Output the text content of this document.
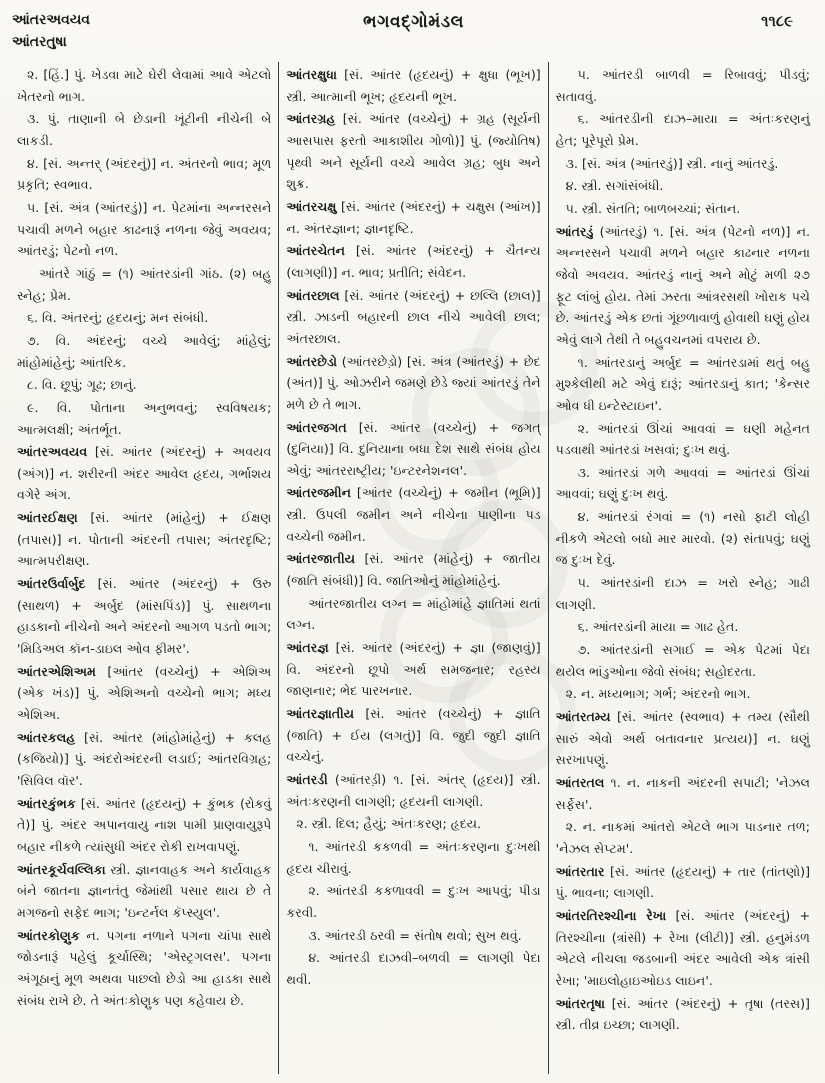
આંતરઅવયવ
આંતરતુષા
ભગવદ્ગોમંડલ	૧૧૮૯

૨. [હિં.] પું. ખેડવા માટે ઘેરી લેવામાં આવે એટલો ખેતરનો ભાગ.

૩. પું. તાણાની બે છેડાની ખૂંટીની નીચેની બે લાકડી.

૪. [સં. અન્તર્ (અંદરનું)] ન. અંતરનો ભાવ; મૂળ પ્રકૃતિ; સ્વભાવ.

૫. [સં. અંત્ર (આંતરડું)] ન. પેટમાંના અન્નરસને પચાવી મળને બહાર કાઢનારૂં નળના જેવું અવયવ; આંતરડું; પેટનો નળ.

આંતરે ગાંઠું = (૧) આંતરડાંની ગાંઠ. (૨) બહુ સ્નેહ; પ્રેમ.

૬. વિ. અંતરનું; હૃદયનું; મન સંબંધી.

૭. વિ. અંદરનું; વચ્ચે આવેલું; માંહેલું; માંહોમાંહેનું; આંતરિક.

૮. વિ. છૂપું; ગૂઢ; છાનું.

૯. વિ. પોતાના અનુભવનું; સ્વવિષયક; આત્મલક્ષી; અંતર્ભૂત.

આંતરઅવયવ [સં. આંતર (અંદરનું) + અવયવ (અંગ)] ન. શરીરની અંદર આવેલ હૃદય, ગર્ભાશય વગેરે અંગ.

આંતરઈક્ષણ [સં. આંતર (માંહેનું) + ઈક્ષણ (તપાસ)] ન. પોતાની અંદરની તપાસ; અંતરદૃષ્ટિ; આત્મપરીક્ષણ.

આંતરઉર્વાર્બુદ [સં. આંતર (અંદરનું) + ઉરુ (સાથળ) + અર્બુદ (માંસપિંડ)] પું. સાથળના હાડકાનો નીચેનો અને અંદરનો આગળ પડતો ભાગ; 'મિડિઅલ કૉન-ડાઇલ ઓવ ફીમર'.

આંતરએશિઅમ [આંતર (વચ્ચેનું) + એશિઅ (એક ખંડ)] પું. એશિઅનો વચ્ચેનો ભાગ; મધ્ય એશિઅ.

આંતરકલહ [સં. આંતર (માંહોમાંહેનું) + કલહ (કજિયો)] પું. અંદરોઅંદરની લડાઈ; આંતરવિગ્રહ; 'સિવિલ વૉર'.

આંતરકુંભક [સં. આંતર (હૃદયનું) + કુંભક (રોકવું તે)] પું. અંદર અપાનવાયુ નાશ પામી પ્રાણવાયુરૂપે બહાર નીકળે ત્યાંસુધી અંદર રોકી રાખવાપણું.

આંતરકૂર્ચવલ્લિકા સ્ત્રી. જ્ઞાનવાહક અને કાર્યવાહક બંને જાતના જ્ઞાનતંતુ જેમાંથી પસાર થાય છે તે મગજનો સફેદ ભાગ; 'ઇન્ટર્નલ કૅપ્સ્યુલ'.

આંતરકોણુક ન. પગના નળાને પગના ચાંપા સાથે જોડનારૂં પહેલું કૂર્ચાસ્થિ; 'એસ્ટ્રગલસ'. પગના અંગૂઠાનું મૂળ અથવા પાછલો છેડો આ હાડકા સાથે સંબંધ રાખે છે. તે અંતઃકોણુક પણ કહેવાય છે.

આંતરક્ષુધા [સં. આંતર (હૃદયનું) + ક્ષુધા (ભૂખ)] સ્ત્રી. આત્માની ભૂખ; હૃદયની ભૂખ.

આંતરગ્રહ [સં. આંતર (વચ્ચેનું) + ગ્રહ (સૂર્યની આસપાસ ફરતો આકાશીય ગોળો)] પું. (જ્યોતિષ) પૃથ્વી અને સૂર્યની વચ્ચે આવેલ ગ્રહ; બુધ અને શુક્ર.

આંતરચક્ષુ [સં. આંતર (અંદરનું) + ચક્ષુસ (આંખ)] ન. અંતરજ્ઞાન; જ્ઞાનદૃષ્ટિ.

આંતરચેતન [સં. આંતર (અંદરનું) + ચૈતન્ય (લાગણી)] ન. ભાવ; પ્રતીતિ; સંવેદન.

આંતરછાલ [સં. આંતર (અંદરનું) + છલ્લિ (છાલ)] સ્ત્રી. ઝાડની બહારની છાલ નીચે આવેલી છાલ; અંતરછાલ.

આંતરછેડો (આંતરછેડ઼ો) [સં. અંત્ર (આંતરડું) + છેદ (અંત)] પું. ઓઝરીને જમણે છેડે જ્યાં આંતરડું તેને મળે છે તે ભાગ.

આંતરજગત [સં. આંતર (વચ્ચેનું) + જગત્ (દુનિયા)] વિ. દુનિયાના બધા દેશ સાથે સંબંધ હોય એવું; આંતરરાષ્ટ્રીય; 'ઇન્ટરનેશનલ'.

આંતરજમીન [આંતર (વચ્ચેનું) + જમીન (ભૂમિ)] સ્ત્રી. ઉપલી જમીન અને નીચેના પાણીના પડ વચ્ચેની જમીન.

આંતરજાતીય [સં. આંતર (માંહેનું) + જાતીય (જાતિ સંબંધી)] વિ. જાતિઓનું માંહોમાંહેનું.

આંતરજાતીય લગ્ન = માંહોમાંહે જ્ઞાતિમાં થતાં લગ્ન.

આંતરજ્ઞ [સં. આંતર (અંદરનું) + જ્ઞા (જાણવું)] વિ. અંદરનો છૂપો અર્થ સમજનાર; રહસ્ય જાણનાર; ભેદ પારખનાર.

આંતરજ્ઞાતીય [સં. આંતર (વચ્ચેનું) + જ્ઞાતિ (જાતિ) + ઈય (લગતું)] વિ. જુદી જુદી જ્ઞાતિ વચ્ચેનું.

આંતરડી (આંતરડ઼ી) ૧. [સં. અંતર્ (હૃદય)] સ્ત્રી. અંતઃકરણની લાગણી; હૃદયની લાગણી.

૨. સ્ત્રી. દિલ; હૈયું; અંતઃકરણ; હૃદય.

૧. આંતરડી કકળવી = અંતઃકરણના દુઃખથી હૃદય ચીરાવું.

૨. આંતરડી કકળાવવી = દુઃખ આપવું; પીડા કરવી.

૩. આંતરડી ઠરવી = સંતોષ થવો; સુખ થવું.

૪. આંતરડી દાઝવી–બળવી = લાગણી પેદા થવી.

૫. આંતરડી બાળવી = રિબાવવું; પીડવું; સતાવવું.

૬. આંતરડીની દાઝ–માયા = અંતઃકરણનું હેત; પૂરેપૂરો પ્રેમ.

૩. [સં. અંત્ર (આંતરડું)] સ્ત્રી. નાનું આંતરડું.

૪. સ્ત્રી. સગાંસંબંધી.

૫. સ્ત્રી. સંતતિ; બાળબચ્ચાં; સંતાન.

આંતરડું (આંતરડ઼ું) ૧. [સં. અંત્ર (પેટનો નળ)] ન. અન્નરસને પચાવી મળને બહાર કાઢનાર નળના જેવો અવયવ. આંતરડું નાનું અને મોટું મળી ૨૭ ફૂટ લાંબું હોય. તેમાં ઝરતા આંત્રરસથી ખોરાક પચે છે. આંતરડું એક છતાં ગૂંછળાવાળું હોવાથી ઘણું હોય એવું લાગે તેથી તે બહુવચનમાં વપરાય છે.

૧. આંતરડાનું અર્બુદ = આંતરડામાં થતું બહુ મુશ્કેલીથી મટે એવું દારૂં; આંતરડાનું કાત; 'કેન્સર ઓવ ધી ઇન્ટેસ્ટાઇન'.

૨. આંતરડાં ઊંચાં આવવાં = ઘણી મહેનત પડવાથી આંતરડાં ખસવાં; દુઃખ થવું.

૩. આંતરડાં ગળે આવવાં = આંતરડાં ઊંચાં આવવાં; ઘણું દુઃખ થવું.

૪. આંતરડાં રંગવાં = (૧) નસો ફાટી લોહી નીકળે એટલો બધો માર મારવો. (૨) સંતાપવું; ઘણું જ દુઃખ દેવું.

૫. આંતરડાંની દાઝ = ખરો સ્નેહ; ગાઢી લાગણી.

૬. આંતરડાંની માયા = ગાઢ હેત.

૭. આંતરડાંની સગાઈ = એક પેટમાં પેદા થયેલ ભાંડુઓના જેવો સંબંધ; સહોદરતા.

૨. ન. મધ્યભાગ; ગર્ભ; અંદરનો ભાગ.

આંતરતમ્ય [સં. આંતર (સ્વભાવ) + તમ્ય (સૌથી સારું એવો અર્થ બતાવનાર પ્રત્યય)] ન. ઘણું સરખાપણું.

આંતરતલ ૧. ન. નાકની અંદરની સપાટી; 'નેઝલ સર્ફેસ'.

૨. ન. નાકમાં આંતરો એટલે ભાગ પાડનાર તળ; 'નેઝલ સેપ્ટમ'.

આંતરતાર [સં. આંતર (હૃદયનું) + તાર (તાંતણો)] પું. ભાવના; લાગણી.

આંતરતિરશ્ચીના રેખા [સં. આંતર (અંદરનું) + તિરશ્ચીના (ત્રાંસી) + રેખા (લીટી)] સ્ત્રી. હનુમંડળ એટલે નીચલા જડબાની અંદર આવેલી એક ત્રાંસી રેખા; 'માઇલોહાઇઓઇડ લાઇન'.

આંતરતૃષા [સં. આંતર (અંદરનું) + તૃષા (તરસ)] સ્ત્રી. તીવ્ર ઇચ્છા; લાગણી.
